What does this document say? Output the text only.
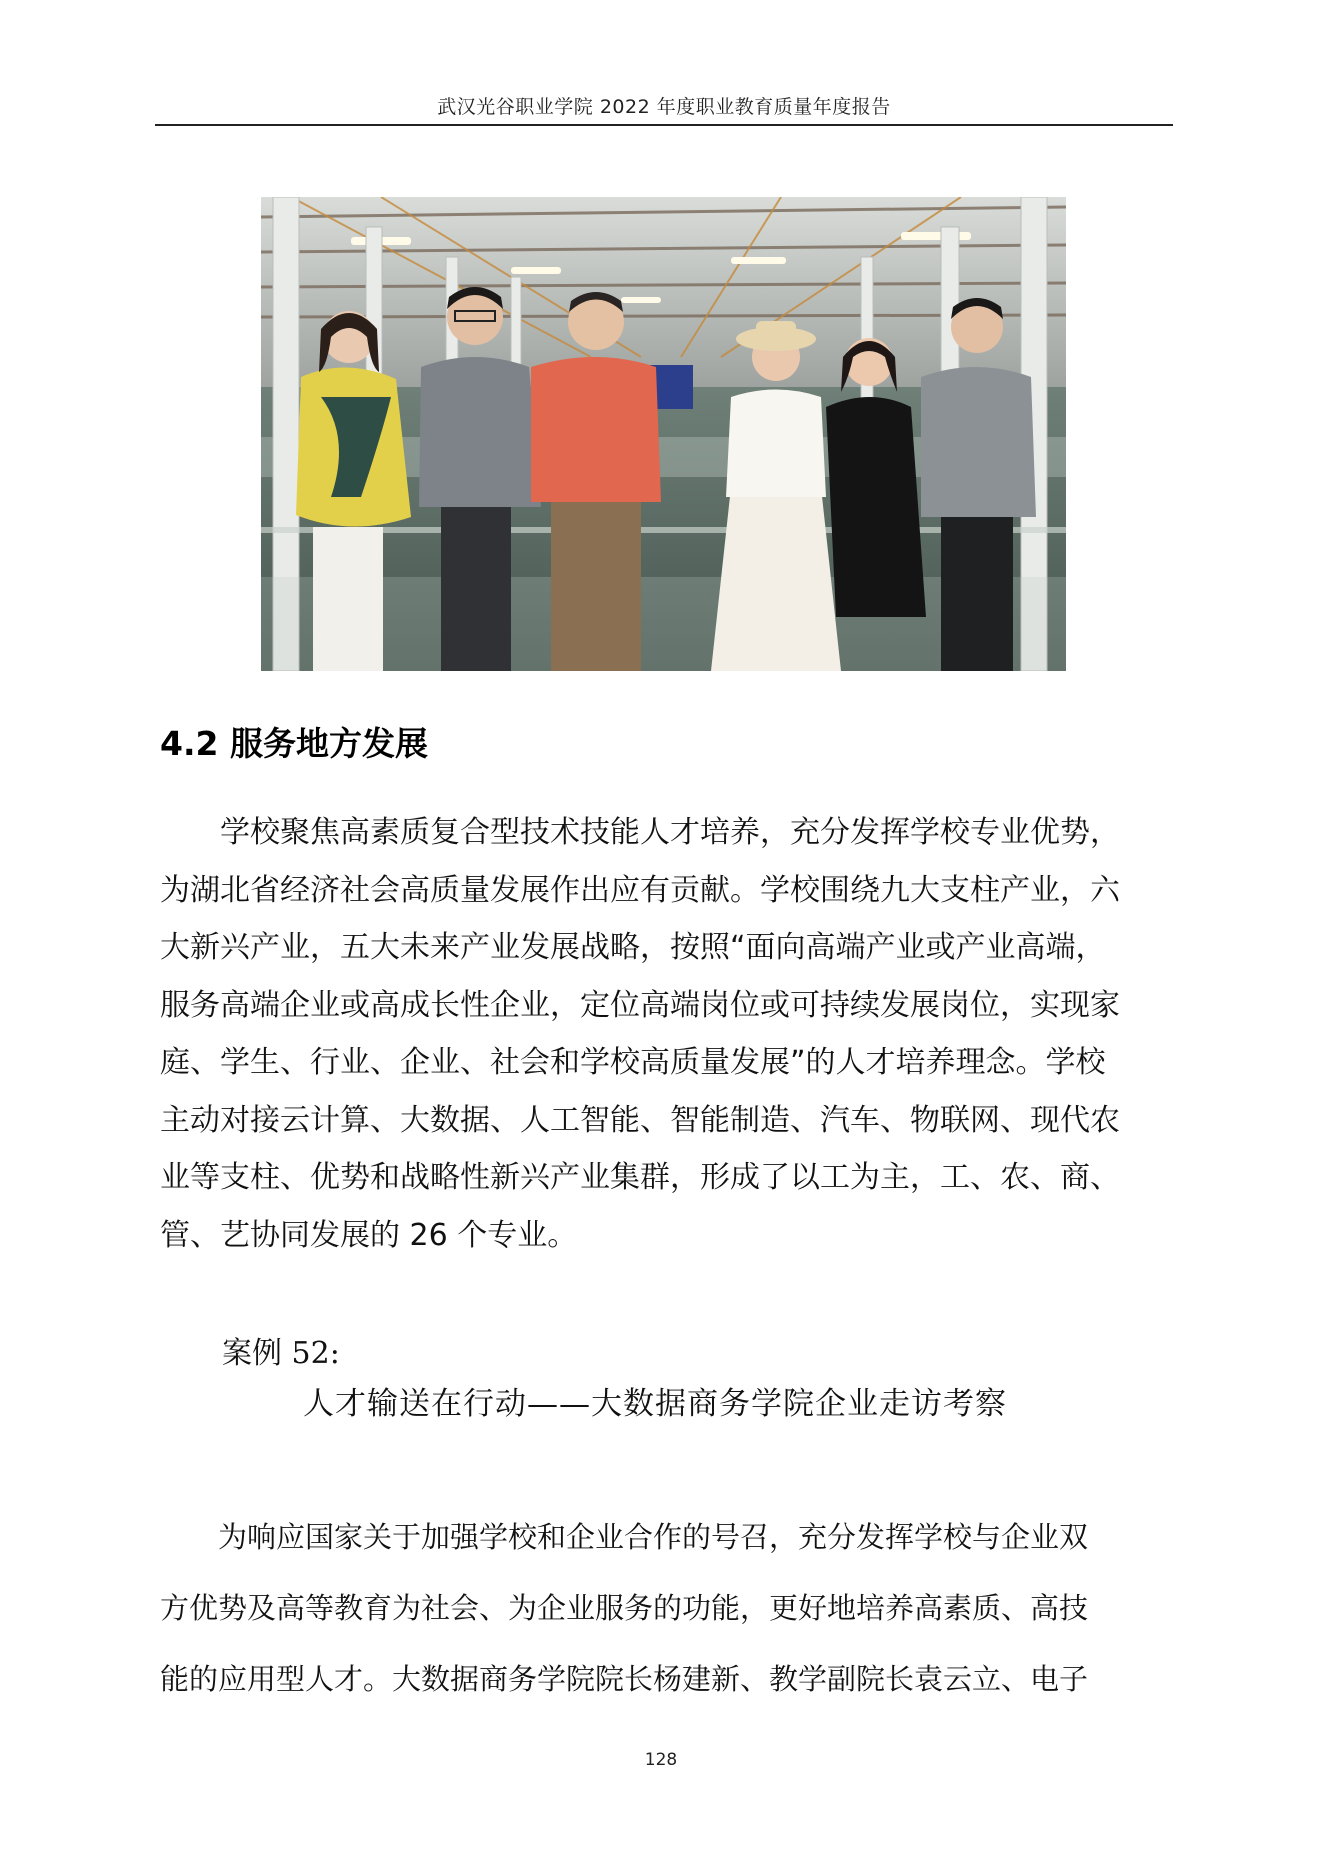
武汉光谷职业学院 2022 年度职业教育质量年度报告
4.2 服务地方发展
　　学校聚焦高素质复合型技术技能人才培养，充分发挥学校专业优势，
为湖北省经济社会高质量发展作出应有贡献。学校围绕九大支柱产业，六
大新兴产业，五大未来产业发展战略，按照“面向高端产业或产业高端，
服务高端企业或高成长性企业，定位高端岗位或可持续发展岗位，实现家
庭、学生、行业、企业、社会和学校高质量发展”的人才培养理念。学校
主动对接云计算、大数据、人工智能、智能制造、汽车、物联网、现代农
业等支柱、优势和战略性新兴产业集群，形成了以工为主，工、农、商、
管、艺协同发展的 26 个专业。
案例 52:
人才输送在行动——大数据商务学院企业走访考察
　　为响应国家关于加强学校和企业合作的号召，充分发挥学校与企业双
方优势及高等教育为社会、为企业服务的功能，更好地培养高素质、高技
能的应用型人才。大数据商务学院院长杨建新、教学副院长袁云立、电子
128
